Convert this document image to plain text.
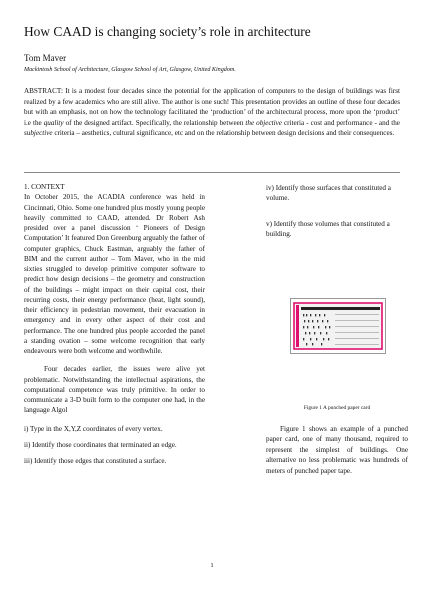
How CAAD is changing society’s role in architecture
Tom Maver
Mackintosh School of Architecture, Glasgow School of Art, Glasgow, United Kingdom.

ABSTRACT: It is a modest four decades since the potential for the application of computers to the design of buildings was first realized by a few academics who are still alive. The author is one such! This presentation provides an outline of these four decades but with an emphasis, not on how the technology facilitated the ‘production’ of the architectural process, more upon the ‘product’ i.e the quality of the designed artifact. Specifically, the relationship between the objective criteria - cost and performance - and the subjective criteria – aesthetics, cultural significance, etc and on the relationship between design decisions and their consequences.

1. CONTEXT

In October 2015, the ACADIA conference was held in Cincinnati, Ohio. Some one hundred plus mostly young people heavily committed to CAAD, attended. Dr Robert Ash presided over a panel discussion ‘ Pioneers of Design Computation’ It featured Don Greenburg arguably the father of computer graphics, Chuck Eastman, arguably the father of BIM and the current author – Tom Maver, who in the mid sixties struggled to develop primitive computer software to predict how design decisions – the geometry and construction of the buildings – might impact on their capital cost, their recurring costs, their energy performance (heat, light sound), their efficiency in pedestrian movement, their evacuation in emergency and in every other aspect of their cost and performance. The one hundred plus people accorded the panel a standing ovation – some welcome recognition that early endeavours were both welcome and worthwhile.

Four decades earlier, the issues were alive yet problematic. Notwithstanding the intellectual aspirations, the computational competence was truly primitive. In order to communicate a 3-D built form to the computer one had, in the language Algol

i) Type in the X,Y,Z coordinates of every vertex.

ii) Identify those coordinates that terminated an edge.

iii) Identify those edges that constituted a surface.

iv) Identify those surfaces that constituted a volume.

v) Identify those volumes that constituted a building.

Figure 1 A punched paper card

Figure 1 shows an example of a punched paper card, one of many thousand, required to represent the simplest of buildings. One alternative no less problematic was hundreds of meters of punched paper tape.

1
